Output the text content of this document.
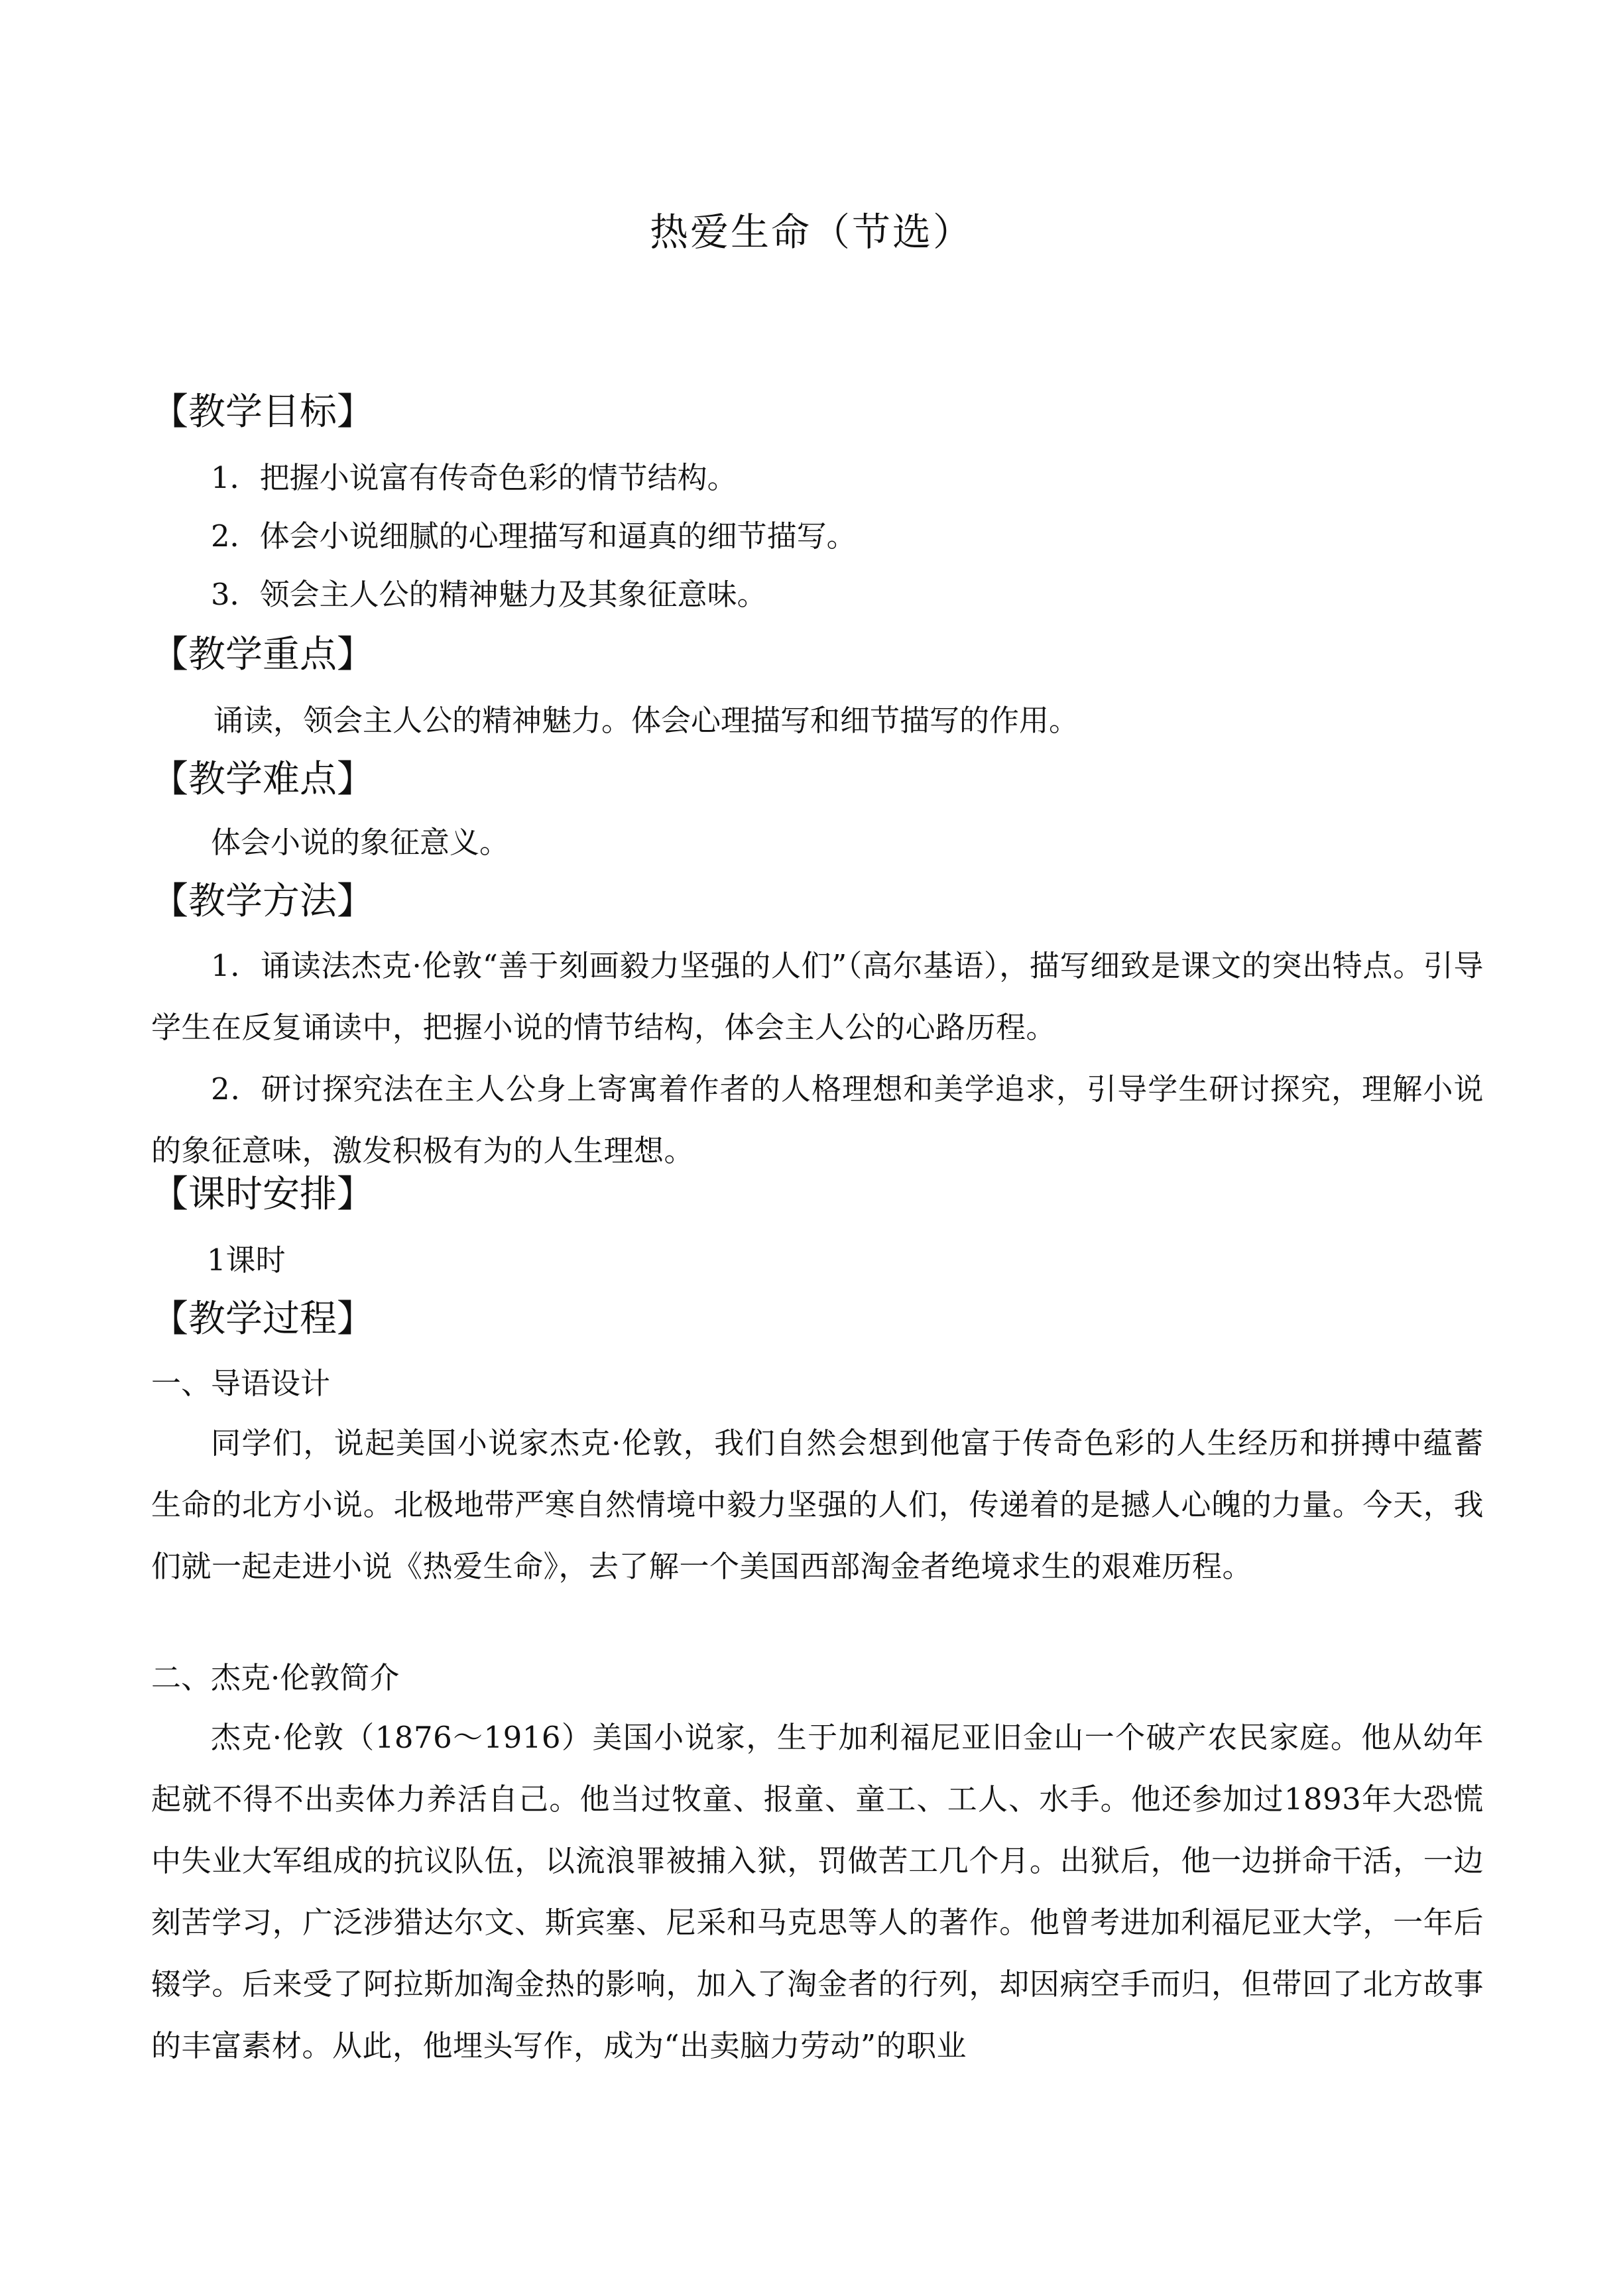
热爱生命（节选）
【教学目标】
1．把握小说富有传奇色彩的情节结构。
2．体会小说细腻的心理描写和逼真的细节描写。
3．领会主人公的精神魅力及其象征意味。
【教学重点】
诵读，领会主人公的精神魅力。体会心理描写和细节描写的作用。
【教学难点】
体会小说的象征意义。
【教学方法】
1．诵读法杰克·伦敦“善于刻画毅力坚强的人们”（高尔基语），描写细致是课文的突出特点。引导学生在反复诵读中，把握小说的情节结构，体会主人公的心路历程。
2．研讨探究法在主人公身上寄寓着作者的人格理想和美学追求，引导学生研讨探究，理解小说的象征意味，激发积极有为的人生理想。
【课时安排】
1课时
【教学过程】
一、导语设计
同学们，说起美国小说家杰克·伦敦，我们自然会想到他富于传奇色彩的人生经历和拼搏中蕴蓄生命的北方小说。北极地带严寒自然情境中毅力坚强的人们，传递着的是撼人心魄的力量。今天，我们就一起走进小说《热爱生命》，去了解一个美国西部淘金者绝境求生的艰难历程。
二、杰克·伦敦简介
杰克·伦敦（1876～1916）美国小说家，生于加利福尼亚旧金山一个破产农民家庭。他从幼年起就不得不出卖体力养活自己。他当过牧童、报童、童工、工人、水手。他还参加过1893年大恐慌中失业大军组成的抗议队伍，以流浪罪被捕入狱，罚做苦工几个月。出狱后，他一边拼命干活，一边刻苦学习，广泛涉猎达尔文、斯宾塞、尼采和马克思等人的著作。他曾考进加利福尼亚大学，一年后辍学。后来受了阿拉斯加淘金热的影响，加入了淘金者的行列，却因病空手而归，但带回了北方故事的丰富素材。从此，他埋头写作，成为“出卖脑力劳动”的职业
